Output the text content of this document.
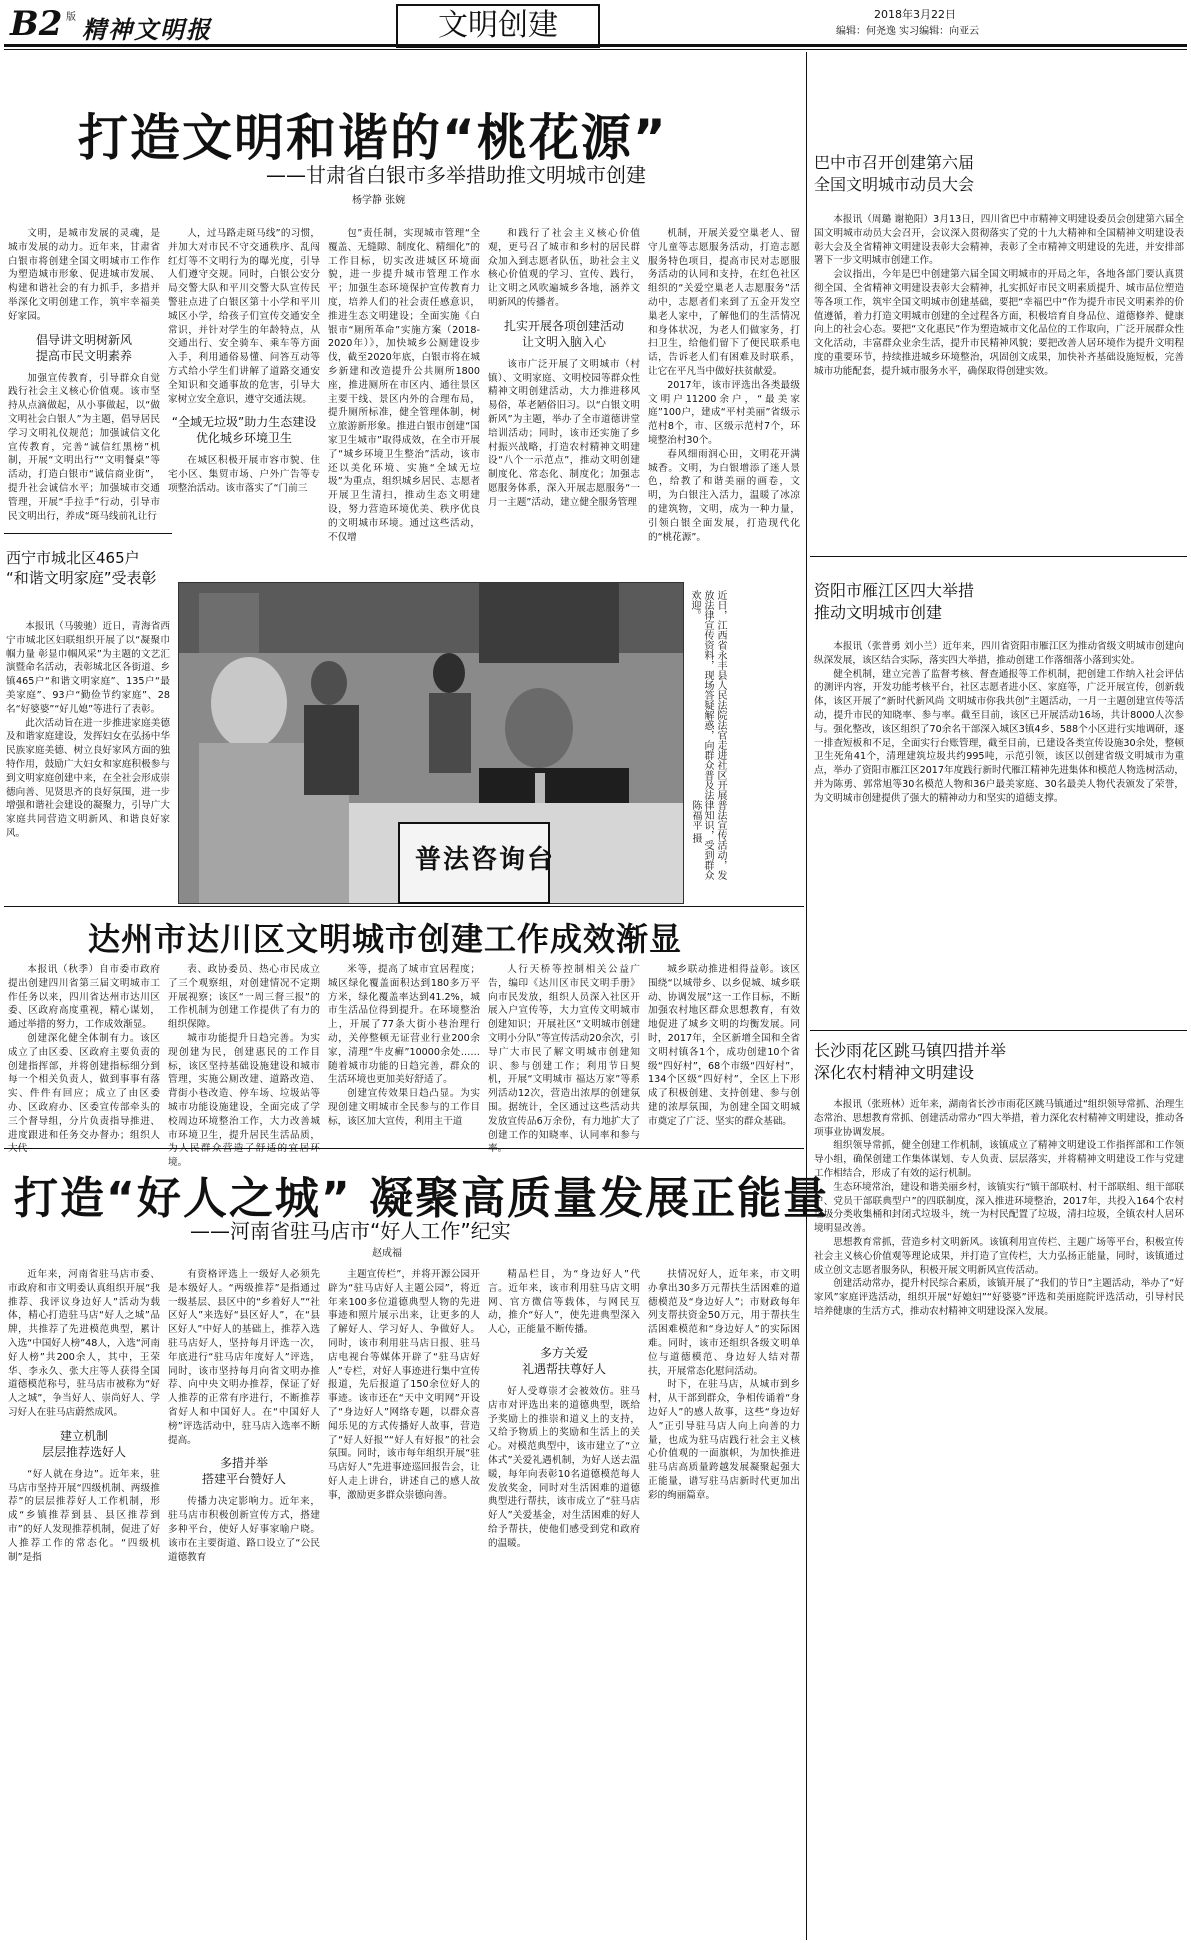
B2 版 精神文明报	文明创建	2018年3月22日
编辑：何尧逸 实习编辑：向亚云
打造文明和谐的“桃花源”
——甘肃省白银市多举措助推文明城市创建
杨学静 张婉

文明，是城市发展的灵魂，是城市发展的动力。近年来，甘肃省白银市将创建全国文明城市工作作为塑造城市形象、促进城市发展、构建和谐社会的有力抓手，多措并举深化文明创建工作，筑牢幸福美好家园。

倡导讲文明树新风
提高市民文明素养

加强宣传教育，引导群众自觉践行社会主义核心价值观。该市坚持从点滴做起，从小事做起，以“做文明社会白银人”为主题，倡导居民学习文明礼仪规范；加强诚信文化宣传教育，完善“诚信红黑榜”机制，开展“文明出行”“文明餐桌”等活动，打造白银市“诚信商业街”，提升社会诚信水平；加强城市交通管理，开展“手拉手”行动，引导市民文明出行，养成“斑马线前礼让行

人，过马路走斑马线”的习惯，并加大对市民不守交通秩序、乱闯红灯等不文明行为的曝光度，引导人们遵守交规。同时，白银公安分局交警大队和平川交警大队宣传民警驻点进了白银区第十小学和平川城区小学，给孩子们宣传交通安全常识，并针对学生的年龄特点，从交通出行、安全骑车、乘车等方面入手，利用通俗易懂、问答互动等方式给小学生们讲解了道路交通安全知识和交通事故的危害，引导大家树立安全意识，遵守交通法规。

“全域无垃圾”助力生态建设
优化城乡环境卫生

在城区积极开展市容市貌、住宅小区、集贸市场、户外广告等专项整治活动。该市落实了“门前三

包”责任制，实现城市管理“全覆盖、无缝隙、制度化、精细化”的工作目标，切实改进城区环境面貌，进一步提升城市管理工作水平；加强生态环境保护宣传教育力度，培养人们的社会责任感意识，推进生态文明建设；全面实施《白银市“厕所革命”实施方案（2018-2020年）》，加快城乡公厕建设步伐，截至2020年底，白银市将在城乡新建和改造提升公共厕所1800座，推进厕所在市区内、通往景区主要干线、景区内外的合理布局，提升厕所标准，健全管理体制，树立旅游新形象。推进白银市创建“国家卫生城市”取得成效，在全市开展了“城乡环境卫生整治”活动，该市还以美化环境、实施“全域无垃圾”为重点，组织城乡居民、志愿者开展卫生清扫，推动生态文明建设，努力营造环境优美、秩序优良的文明城市环境。通过这些活动，不仅增

和践行了社会主义核心价值观，更号召了城市和乡村的居民群众加入到志愿者队伍，助社会主义核心价值观的学习、宣传、践行，让文明之风吹遍城乡各地，涵养文明新风的传播者。

扎实开展各项创建活动
让文明入脑入心

该市广泛开展了文明城市（村镇）、文明家庭、文明校园等群众性精神文明创建活动，大力推进移风易俗，革老陋俗旧习。以“白银文明新风”为主题，举办了全市道德讲堂培训活动；同时，该市还实施了乡村振兴战略，打造农村精神文明建设“八个一示范点”，推动文明创建制度化、常态化、制度化；加强志愿服务体系，深入开展志愿服务“一月一主题”活动，建立健全服务管理

机制，开展关爱空巢老人、留守儿童等志愿服务活动，打造志愿服务特色项目，提高市民对志愿服务活动的认同和支持，在红色社区组织的“关爱空巢老人志愿服务”活动中，志愿者们来到了五金开发空巢老人家中，了解他们的生活情况和身体状况，为老人们做家务，打扫卫生，给他们留下了便民联系电话，告诉老人们有困难及时联系，让它在平凡当中做好扶贫献爱。

2017年，该市评选出各类最级文明户11200余户，“最美家庭”100户，建成“平村美丽”省级示范村8个，市、区级示范村7个，环境整治村30个。

春风细雨润心田，文明花开满城香。文明，为白银增添了迷人景色，给教了和谐美丽的画卷，文明，为白银注入活力，温暖了冰凉的建筑物，文明，成为一种力量，引领白银全面发展，打造现代化的“桃花源”。

巴中市召开创建第六届
全国文明城市动员大会

本报讯（周璐 谢艳阳）3月13日，四川省巴中市精神文明建设委员会创建第六届全国文明城市动员大会召开，会议深入贯彻落实了党的十九大精神和全国精神文明建设表彰大会及全省精神文明建设表彰大会精神，表彰了全市精神文明建设的先进，并安排部署下一步文明城市创建工作。

会议指出，今年是巴中创建第六届全国文明城市的开局之年，各地各部门要认真贯彻全国、全省精神文明建设表彰大会精神，扎实抓好市民文明素质提升、城市品位塑造等各项工作，筑牢全国文明城市创建基础，要把“幸福巴中”作为提升市民文明素养的价值遵循，着力打造文明城市创建的全过程各方面，积极培育自身品位、道德修养、健康向上的社会心态。要把“文化惠民”作为塑造城市文化品位的工作取向，广泛开展群众性文化活动，丰富群众业余生活，提升市民精神风貌；要把改善人居环境作为提升文明程度的重要环节，持续推进城乡环境整治，巩固创文成果，加快补齐基础设施短板，完善城市功能配套，提升城市服务水平，确保取得创建实效。

西宁市城北区465户
“和谐文明家庭”受表彰

本报讯（马骏驰）近日，青海省西宁市城北区妇联组织开展了以“凝聚巾帼力量 彰显巾帼风采”为主题的文艺汇演暨命名活动，表彰城北区各街道、乡镇465户“和谐文明家庭”、135户“最美家庭”、93户“勤俭节约家庭”、28名“好婆婆”“好儿媳”等进行了表彰。

此次活动旨在进一步推进家庭美德及和谐家庭建设，发挥妇女在弘扬中华民族家庭美德、树立良好家风方面的独特作用，鼓励广大妇女和家庭积极参与到文明家庭创建中来，在全社会形成崇德向善、见贤思齐的良好氛围，进一步增强和谐社会建设的凝聚力，引导广大家庭共同营造文明新风、和谐良好家风。

普法咨询台	近日，江西省永丰县人民法院法官走进社区开展普法宣传活动，发放法律宣传资料，现场答疑解惑，向群众普及法律知识，受到群众欢迎。
陈福平 摄
资阳市雁江区四大举措
推动文明城市创建

本报讯（张普勇 刘小兰）近年来，四川省资阳市雁江区为推动省级文明城市创建向纵深发展，该区结合实际，落实四大举措，推动创建工作落细落小落到实处。

健全机制，建立完善了监督考核、督查通报等工作机制，把创建工作纳入社会评估的测评内容，开发功能考核平台，社区志愿者进小区、家庭等，广泛开展宣传，创新载体，该区开展了“新时代新风尚 文明城市你我共创”主题活动，一月一主题创建宣传等活动，提升市民的知晓率、参与率。截至目前，该区已开展活动16场，共计8000人次参与。强化整改，该区组织了70余名干部深入城区3镇4乡、588个小区进行实地调研，逐一排查短板和不足，全面实行台账管理，截至目前，已建设各类宣传设施30余处，整顿卫生死角41个，清理建筑垃圾共约995吨，示范引领，该区以创建省级文明城市为重点，举办了资阳市雁江区2017年度践行新时代雁江精神先进集体和模范人物选树活动，并为陈勇、郭常旭等30名模范人物和36户最美家庭、30名最美人物代表颁发了荣誉，为文明城市创建提供了强大的精神动力和坚实的道德支撑。

达州市达川区文明城市创建工作成效渐显

本报讯（秋季）自市委市政府提出创建四川省第三届文明城市工作任务以来，四川省达州市达川区委、区政府高度重视，精心谋划，通过举措的努力，工作成效渐显。

创建深化健全体制有力。该区成立了由区委、区政府主要负责的创建指挥部，并将创建指标细分到每一个相关负责人，做到事事有落实、件件有回应；成立了由区委办、区政府办、区委宣传部牵头的三个督导组，分片负责指导推进、进度跟进和任务交办督办；组织人

表、政协委员、热心市民成立了三个观察组，对创建情况不定期开展视察；该区“一周三督三报”的工作机制为创建工作提供了有力的组织保障。

城市功能提升日趋完善。为实现创建为民，创建惠民的工作目标，该区坚持基础设施建设和城市管理，实施公厕改建、道路改造、背街小巷改造、停车场、垃圾站等城市功能设施建设，全面完成了学校周边环境整治工作，大力改善城市环境卫生，提升居民生活品质， 境。

米等，提高了城市宜居程度；城区绿化覆盖面积达到180多万平方米，绿化覆盖率达到41.2%，城市生活品位得到提升。在环境整治上，开展了77条大街小巷治理行动，关停整顿无证营业行业200余家，清理“牛皮癣”10000余处……随着城市功能的日趋完善，群众的生活环境也更加美好舒适了。

创建宣传效果日趋凸显。为实现创建文明城市全民参与的工作目标，该区加大宣传，利用主干道

人行天桥等控制相关公益广告，编印《达川区市民文明手册》向市民发放，组织人员深入社区开展入户宣传等，大力宣传文明城市创建知识；开展社区“文明城市创建文明小分队”等宣传活动20余次，引导广大市民了解文明城市创建知识、参与创建工作；利用节日契机，开展“文明城市 福达万家”等系列活动12次，营造出浓厚的创建氛围。据统计，全区通过这些活动共发放宣传品6万余份，有力地扩大了创建工作的知晓率、认同率和参与

城乡联动推进相得益彰。该区围绕“以城带乡、以乡促城、城乡联动、协调发展”这一工作目标，不断加强农村地区群众思想教育，有效地促进了城乡文明的均衡发展。同时，2017年，全区新增全国和全省文明村镇各1个，成功创建10个省级“四好村”，68个市级“四好村”，134个区级“四好村”，全区上下形成了积极创建、支持创建、参与创建的浓厚氛围，为创建全国文明城市奠定了广泛、坚实的群众基础。

长沙雨花区跳马镇四措并举
深化农村精神文明建设

本报讯（张班林）近年来，湖南省长沙市雨花区跳马镇通过“组织领导常抓、治理生态常治、思想教育常抓、创建活动常办”四大举措，着力深化农村精神文明建设，推动各项事业协调发展。

组织领导常抓，健全创建工作机制，该镇成立了精神文明建设工作指挥部和工作领导小组，确保创建工作集体谋划、专人负责、层层落实，并将精神文明建设工作与党建工作相结合，形成了有效的运行机制。

生态环境常治，建设和谐美丽乡村，该镇实行“镇干部联村、村干部联组、组干部联户、党员干部联典型户”的四联制度，深入推进环境整治，2017年，共投入164个农村垃圾分类收集桶和封闭式垃圾斗，统一为村民配置了垃圾，清扫垃圾，全镇农村人居环境明显改善。

思想教育常抓，营造乡村文明新风。该镇利用宣传栏、主题广场等平台，积极宣传社会主义核心价值观等理论成果，并打造了宣传栏，大力弘扬正能量，同时，该镇通过成立创文志愿者服务队，积极开展文明新风宣传活动。

创建活动常办，提升村民综合素质，该镇开展了“我们的节日”主题活动，举办了“好家风”家庭评选活动，组织开展“好媳妇”“好婆婆”评选和美丽庭院评选活动，引导村民培养健康的生活方式，推动农村精神文明建设深入发展。

打造“好人之城” 凝聚高质量发展正能量
——河南省驻马店市“好人工作”纪实
赵成福

近年来，河南省驻马店市委、市政府和市文明委认真组织开展“我推荐、我评议身边好人”活动为载体，精心打造驻马店“好人之城”品牌，共推荐了先进模范典型，累计入选“中国好人榜”48人，入选“河南好人榜”共200余人，其中，王荣华、李永久、张大庄等人获得全国道德模范称号，驻马店市被称为“好人之城”，争当好人、崇尚好人、学习好人在驻马店蔚然成风。

建立机制
层层推荐选好人

“好人就在身边”。近年来，驻马店市坚持开展“四级机制、两级推荐”的层层推荐好人工作机制，形成“乡镇推荐到县、县区推荐到市”的好人发现推荐机制，促进了好人推荐工作的常态化。“四级机制”是指

有资格评选上一级好人必须先是本级好人。“两级推荐”是指通过一级基层、县区中的“乡着好人”“社区好人”来选好“县区好人”，在“县区好人”中好人的基础上，推荐入选驻马店好人，坚持每月评选一次，年底进行“驻马店年度好人”评选，同时，该市坚持每月向省文明办推荐、向中央文明办推荐，保证了好人推荐的正常有序进行，不断推荐省好人和中国好人。在“中国好人榜”评选活动中，驻马店入选率不断提高。

多措并举
搭建平台赞好人

传播力决定影响力。近年来，驻马店市积极创新宣传方式，搭建多种平台，使好人好事家喻户晓。该市在主要街道、路口设立了“公民道德教育

主题宣传栏”，并将开源公园开辟为“驻马店好人主题公园”，将近年来100多位道德典型人物的先进事迹和照片展示出来，让更多的人了解好人、学习好人、争做好人。同时，该市利用驻马店日报、驻马店电视台等媒体开辟了“驻马店好人”专栏，对好人事迹进行集中宣传报道，先后报道了150余位好人的事迹。该市还在“天中文明网”开设了“身边好人”网络专题，以群众喜闻乐见的方式传播好人故事，营造了“好人好报”“好人有好报”的社会氛围。同时，该市每年组织开展“驻马店好人”先进事迹巡回报告会，让好人走上讲台，讲述自己的感人故事，激励更多群众崇德向善。

精品栏目，为“身边好人”代言。近年来，该市利用驻马店文明网、官方微信等载体，与网民互动，推介“好人”，使先进典型深入人心，正能量不断传播。

多方关爱
礼遇帮扶尊好人

好人受尊崇才会被效仿。驻马店市对评选出来的道德典型，既给予奖励上的推崇和道义上的支持，又给予物质上的奖励和生活上的关心。对模范典型中，该市建立了“立体式”关爱礼遇机制，为好人送去温暖，每年向表彰10名道德模范每人发放奖金，同时对生活困难的道德典型进行帮扶，该市成立了“驻马店好人”关爱基金，对生活困难的好人给予帮扶，使他们感受到党和政府的温暖。

扶情况好人，近年来，市文明办拿出30多万元帮扶生活困难的道德模范及“身边好人”；市财政每年列支帮扶资金50万元，用于帮扶生活困难模范和“身边好人”的实际困难。同时，该市还组织各级文明单位与道德模范、身边好人结对帮扶，开展常态化慰问活动。

时下，在驻马店，从城市到乡村，从干部到群众，争相传诵着“身边好人”的感人故事，这些“身边好人”正引导驻马店人向上向善的力量，也成为驻马店践行社会主义核心价值观的一面旗帜，为加快推进驻马店高质量跨越发展凝聚起强大正能量，谱写驻马店新时代更加出彩的绚丽篇章。
